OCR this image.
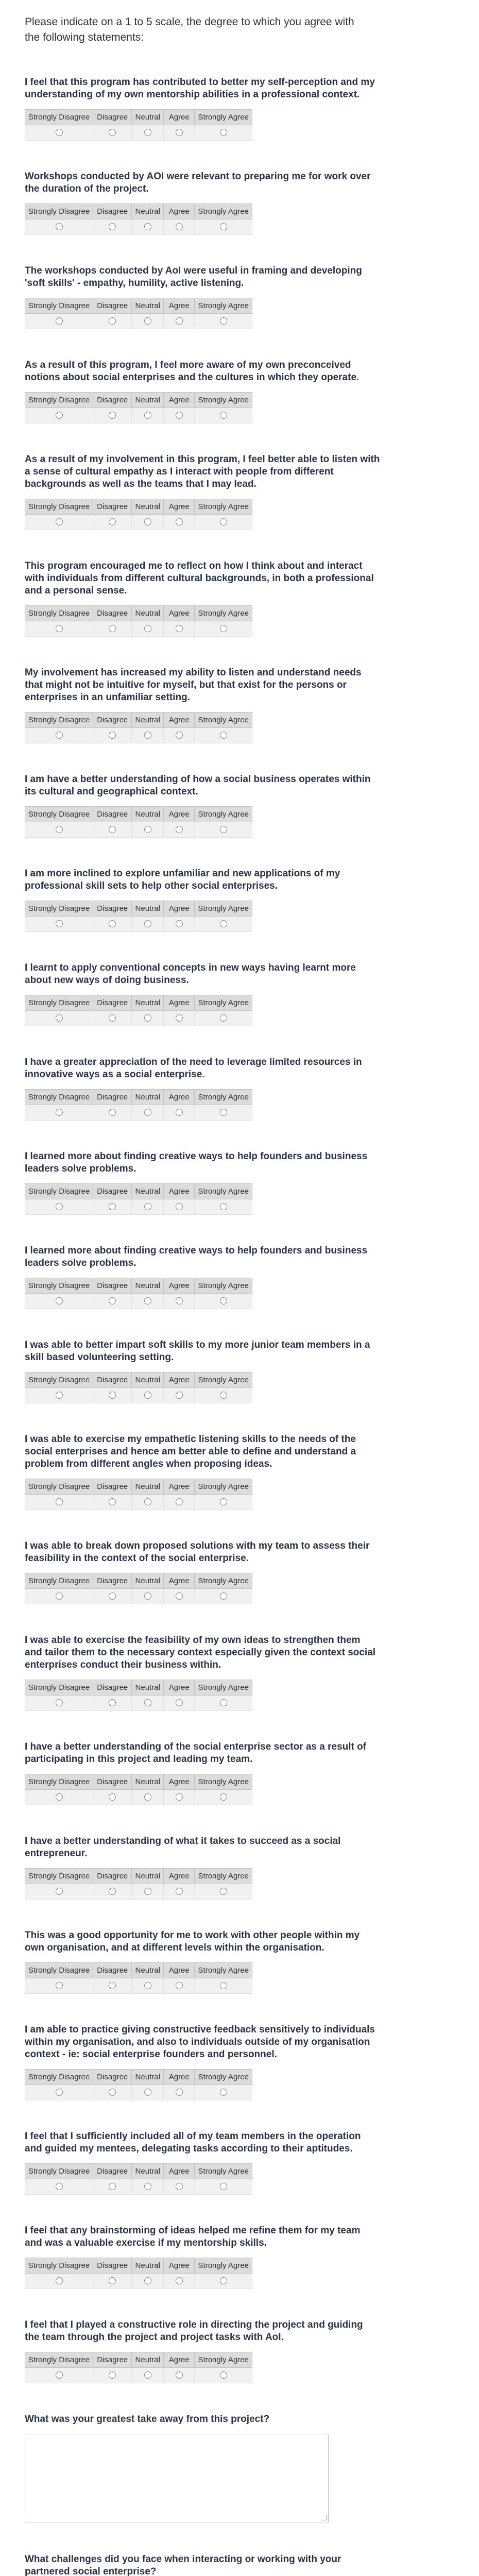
Please indicate on a 1 to 5 scale, the degree to which you agree with the following statements:
I feel that this program has contributed to better my self-perception and my understanding of my own mentorship abilities in a professional context.
Strongly Disagree	Disagree	Neutral	Agree	Strongly Agree

Workshops conducted by AOI were relevant to preparing me for work over the duration of the project.
Strongly Disagree	Disagree	Neutral	Agree	Strongly Agree

The workshops conducted by AoI were useful in framing and developing 'soft skills' - empathy, humility, active listening.
Strongly Disagree	Disagree	Neutral	Agree	Strongly Agree

As a result of this program, I feel more aware of my own preconceived notions about social enterprises and the cultures in which they operate.
Strongly Disagree	Disagree	Neutral	Agree	Strongly Agree

As a result of my involvement in this program, I feel better able to listen with a sense of cultural empathy as I interact with people from different backgrounds as well as the teams that I may lead.
Strongly Disagree	Disagree	Neutral	Agree	Strongly Agree

This program encouraged me to reflect on how I think about and interact with individuals from different cultural backgrounds, in both a professional and a personal sense.
Strongly Disagree	Disagree	Neutral	Agree	Strongly Agree

My involvement has increased my ability to listen and understand needs that might not be intuitive for myself, but that exist for the persons or enterprises in an unfamiliar setting.
Strongly Disagree	Disagree	Neutral	Agree	Strongly Agree

I am have a better understanding of how a social business operates within its cultural and geographical context.
Strongly Disagree	Disagree	Neutral	Agree	Strongly Agree

I am more inclined to explore unfamiliar and new applications of my professional skill sets to help other social enterprises.
Strongly Disagree	Disagree	Neutral	Agree	Strongly Agree

I learnt to apply conventional concepts in new ways having learnt more about new ways of doing business.
Strongly Disagree	Disagree	Neutral	Agree	Strongly Agree

I have a greater appreciation of the need to leverage limited resources in innovative ways as a social enterprise.
Strongly Disagree	Disagree	Neutral	Agree	Strongly Agree

I learned more about finding creative ways to help founders and business leaders solve problems.
Strongly Disagree	Disagree	Neutral	Agree	Strongly Agree

I learned more about finding creative ways to help founders and business leaders solve problems.
Strongly Disagree	Disagree	Neutral	Agree	Strongly Agree

I was able to better impart soft skills to my more junior team members in a skill based volunteering setting.
Strongly Disagree	Disagree	Neutral	Agree	Strongly Agree

I was able to exercise my empathetic listening skills to the needs of the social enterprises and hence am better able to define and understand a problem from different angles when proposing ideas.
Strongly Disagree	Disagree	Neutral	Agree	Strongly Agree

I was able to break down proposed solutions with my team to assess their feasibility in the context of the social enterprise.
Strongly Disagree	Disagree	Neutral	Agree	Strongly Agree

I was able to exercise the feasibility of my own ideas to strengthen them and tailor them to the necessary context especially given the context social enterprises conduct their business within.
Strongly Disagree	Disagree	Neutral	Agree	Strongly Agree

I have a better understanding of the social enterprise sector as a result of participating in this project and leading my team.
Strongly Disagree	Disagree	Neutral	Agree	Strongly Agree

I have a better understanding of what it takes to succeed as a social entrepreneur.
Strongly Disagree	Disagree	Neutral	Agree	Strongly Agree

This was a good opportunity for me to work with other people within my own organisation, and at different levels within the organisation.
Strongly Disagree	Disagree	Neutral	Agree	Strongly Agree

I am able to practice giving constructive feedback sensitively to individuals within my organisation, and also to individuals outside of my organisation context - ie: social enterprise founders and personnel.
Strongly Disagree	Disagree	Neutral	Agree	Strongly Agree

I feel that I sufficiently included all of my team members in the operation and guided my mentees, delegating tasks according to their aptitudes.
Strongly Disagree	Disagree	Neutral	Agree	Strongly Agree

I feel that any brainstorming of ideas helped me refine them for my team and was a valuable exercise if my mentorship skills.
Strongly Disagree	Disagree	Neutral	Agree	Strongly Agree

I feel that I played a constructive role in directing the project and guiding the team through the project and project tasks with AoI.
Strongly Disagree	Disagree	Neutral	Agree	Strongly Agree

What was your greatest take away from this project?
What challenges did you face when interacting or working with your partnered social enterprise?
